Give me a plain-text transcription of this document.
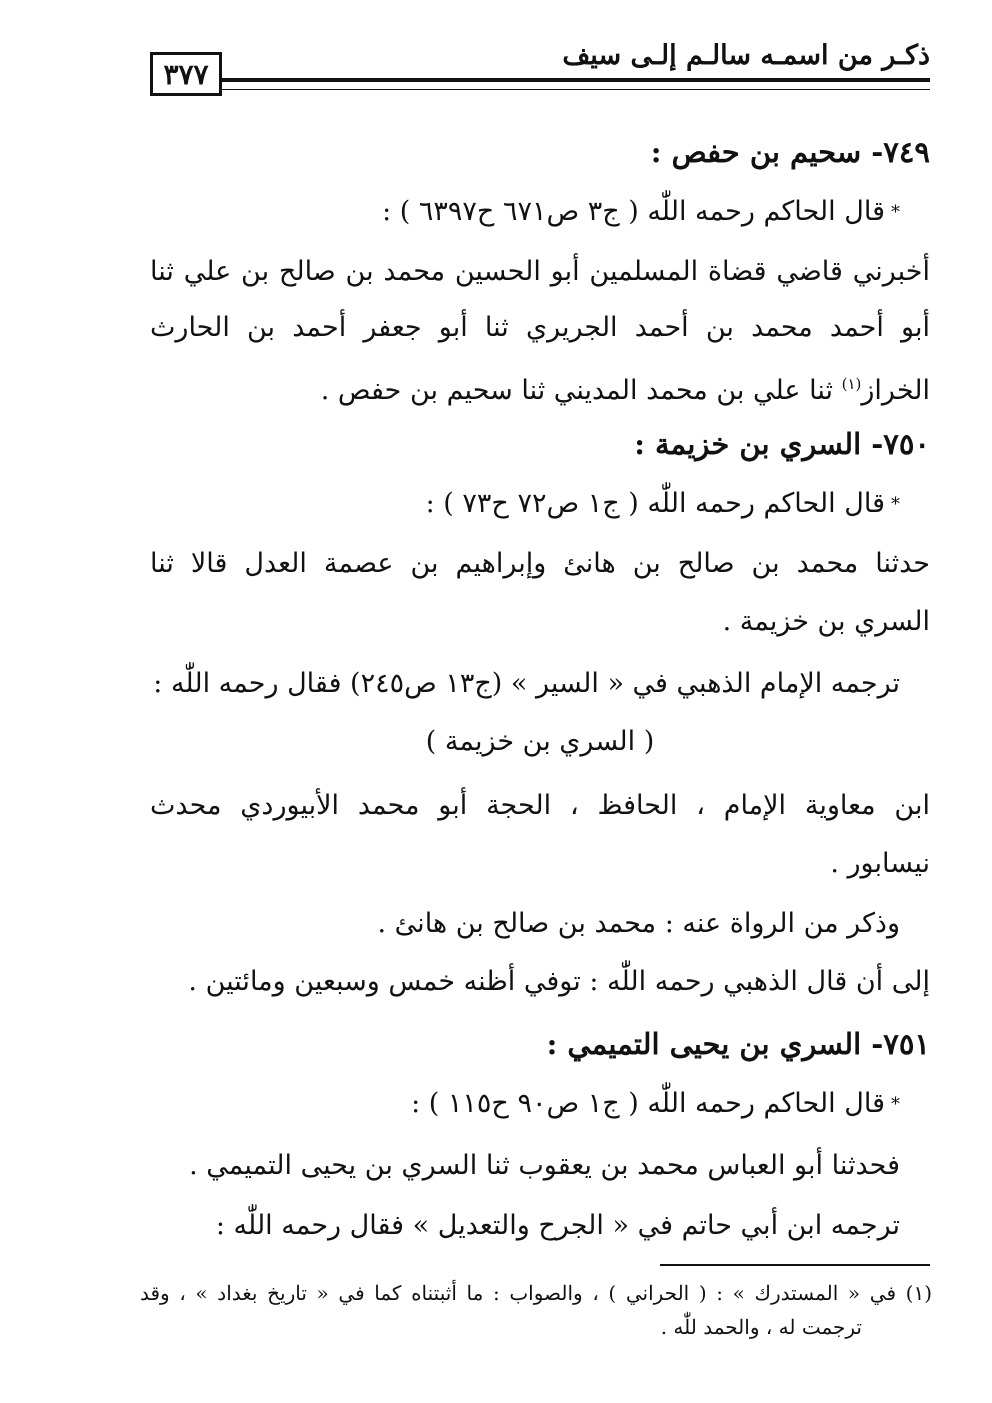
ذكـر من اسمـه سالـم إلـى سيف
٣٧٧
٧٤٩- سحيم بن حفص :
*قال الحاكم رحمه اللّٰه ( ج٣ ص٦٧١ ح٦٣٩٧ ) :
أخبرني قاضي قضاة المسلمين أبو الحسين محمد بن صالح بن علي ثنا
أبو أحمد محمد بن أحمد الجريري ثنا أبو جعفر أحمد بن الحارث
الخراز$^{(١)}$ ثنا علي بن محمد المديني ثنا سحيم بن حفص .
٧٥٠- السري بن خزيمة :
*قال الحاكم رحمه اللّٰه ( ج١ ص٧٢ ح٧٣ ) :
حدثنا محمد بن صالح بن هانئ وإبراهيم بن عصمة العدل قالا ثنا
السري بن خزيمة .
ترجمه الإمام الذهبي في « السير » (ج١٣ ص٢٤٥) فقال رحمه اللّٰه :
( السري بن خزيمة )
ابن معاوية الإمام ، الحافظ ، الحجة أبو محمد الأبيوردي محدث
نيسابور .
وذكر من الرواة عنه : محمد بن صالح بن هانئ .
إلى أن قال الذهبي رحمه اللّٰه : توفي أظنه خمس وسبعين ومائتين .
٧٥١- السري بن يحيى التميمي :
*قال الحاكم رحمه اللّٰه ( ج١ ص٩٠ ح١١٥ ) :
فحدثنا أبو العباس محمد بن يعقوب ثنا السري بن يحيى التميمي .
ترجمه ابن أبي حاتم في « الجرح والتعديل » فقال رحمه اللّٰه :
(١) في « المستدرك » : ( الحراني ) ، والصواب : ما أثبتناه كما في « تاريخ بغداد » ، وقد
ترجمت له ، والحمد للّٰه .
